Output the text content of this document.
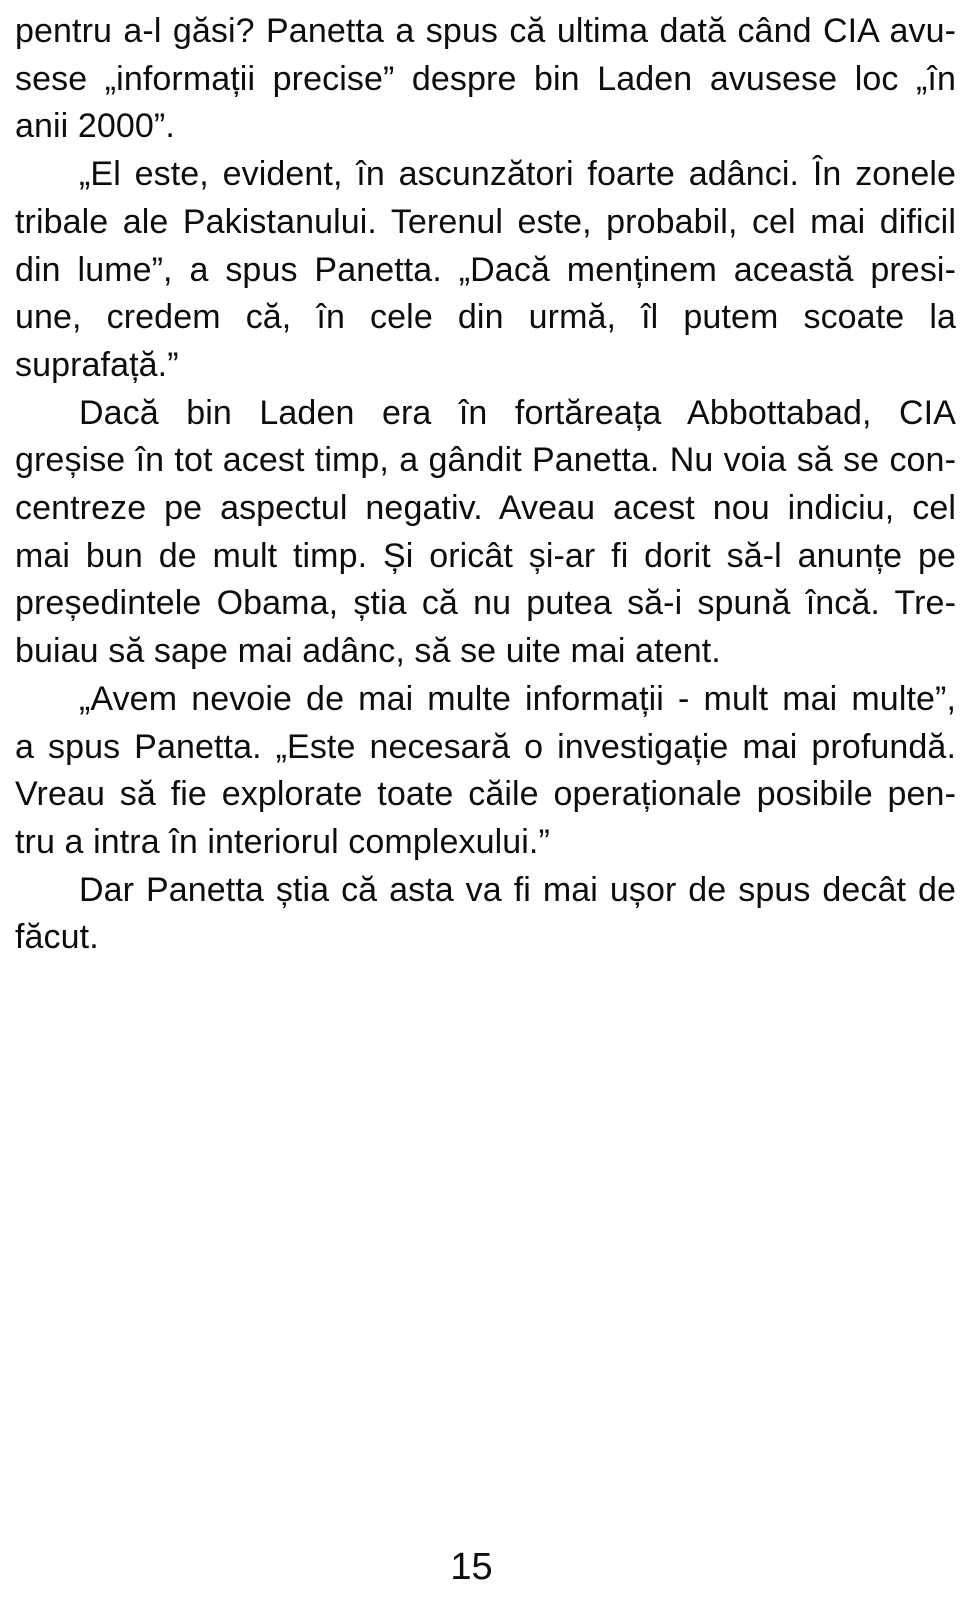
pentru a-l găsi? Panetta a spus că ultima dată când CIA avu-
sese „informații precise” despre bin Laden avusese loc „în
anii 2000”.
„El este, evident, în ascunzători foarte adânci. În zonele
tribale ale Pakistanului. Terenul este, probabil, cel mai dificil
din lume”, a spus Panetta. „Dacă menținem această presi-
une, credem că, în cele din urmă, îl putem scoate la
suprafață.”
Dacă bin Laden era în fortăreața Abbottabad, CIA
greșise în tot acest timp, a gândit Panetta. Nu voia să se con-
centreze pe aspectul negativ. Aveau acest nou indiciu, cel
mai bun de mult timp. Și oricât și-ar fi dorit să-l anunțe pe
președintele Obama, știa că nu putea să-i spună încă. Tre-
buiau să sape mai adânc, să se uite mai atent.
„Avem nevoie de mai multe informații - mult mai multe”,
a spus Panetta. „Este necesară o investigație mai profundă.
Vreau să fie explorate toate căile operaționale posibile pen-
tru a intra în interiorul complexului.”
Dar Panetta știa că asta va fi mai ușor de spus decât de
făcut.
15
